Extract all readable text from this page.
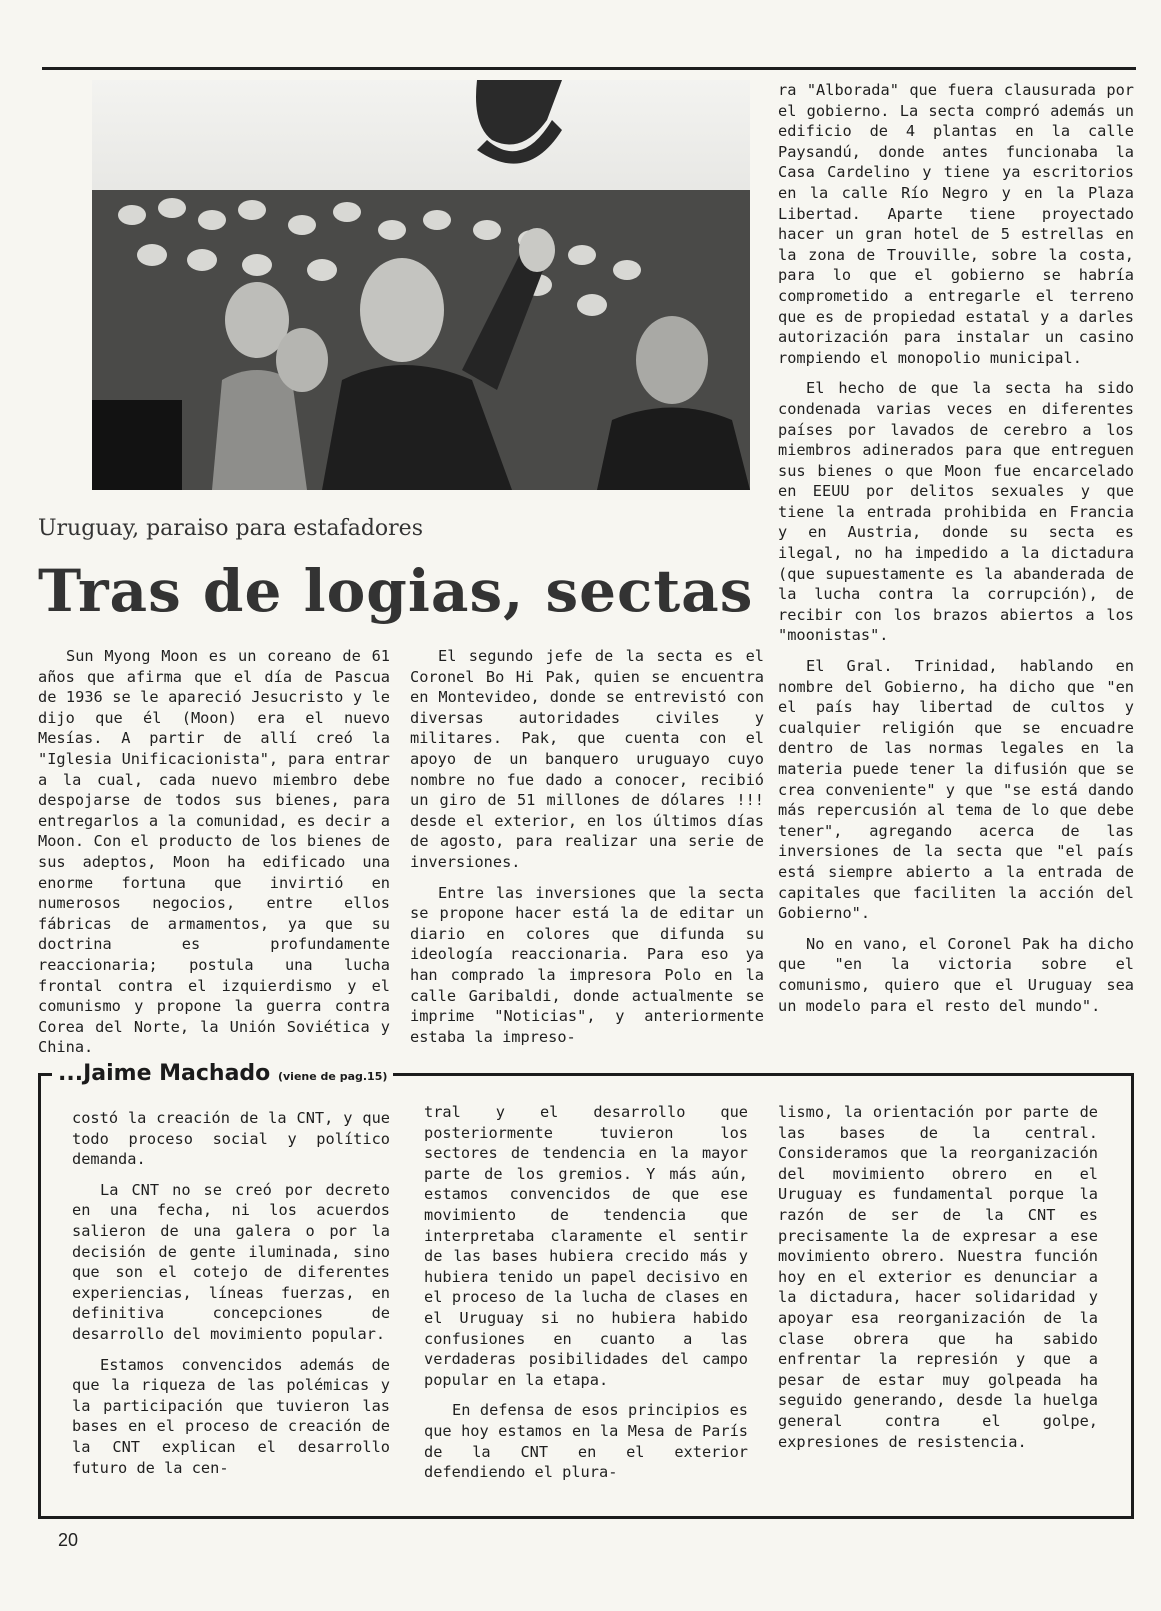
Uruguay, paraiso para estafadores
Tras de logias, sectas

Sun Myong Moon es un coreano de 61 años que afirma que el día de Pascua de 1936 se le apareció Jesucristo y le dijo que él (Moon) era el nuevo Mesías. A partir de allí creó la "Iglesia Unificacionista", para entrar a la cual, cada nuevo miembro debe despojarse de todos sus bienes, para entregarlos a la comunidad, es decir a Moon. Con el producto de los bienes de sus adeptos, Moon ha edificado una enorme fortuna que invirtió en numerosos negocios, entre ellos fábricas de armamentos, ya que su doctrina es profundamente reaccionaria; postula una lucha frontal contra el izquierdismo y el comunismo y propone la guerra contra Corea del Norte, la Unión Soviética y China.

El segundo jefe de la secta es el Coronel Bo Hi Pak, quien se encuentra en Montevideo, donde se entrevistó con diversas autoridades civiles y militares. Pak, que cuenta con el apoyo de un banquero uruguayo cuyo nombre no fue dado a conocer, recibió un giro de 51 millones de dólares !!! desde el exterior, en los últimos días de agosto, para realizar una serie de inversiones.

Entre las inversiones que la secta se propone hacer está la de editar un diario en colores que difunda su ideología reaccionaria. Para eso ya han comprado la impresora Polo en la calle Garibaldi, donde actualmente se imprime "Noticias", y anteriormente estaba la impreso-

ra "Alborada" que fuera clausurada por el gobierno. La secta compró además un edificio de 4 plantas en la calle Paysandú, donde antes funcionaba la Casa Cardelino y tiene ya escritorios en la calle Río Negro y en la Plaza Libertad. Aparte tiene proyectado hacer un gran hotel de 5 estrellas en la zona de Trouville, sobre la costa, para lo que el gobierno se habría comprometido a entregarle el terreno que es de propiedad estatal y a darles autorización para instalar un casino rompiendo el monopolio municipal.

El hecho de que la secta ha sido condenada varias veces en diferentes países por lavados de cerebro a los miembros adinerados para que entreguen sus bienes o que Moon fue encarcelado en EEUU por delitos sexuales y que tiene la entrada prohibida en Francia y en Austria, donde su secta es ilegal, no ha impedido a la dictadura (que supuestamente es la abanderada de la lucha contra la corrupción), de recibir con los brazos abiertos a los "moonistas".

El Gral. Trinidad, hablando en nombre del Gobierno, ha dicho que "en el país hay libertad de cultos y cualquier religión que se encuadre dentro de las normas legales en la materia puede tener la difusión que se crea conveniente" y que "se está dando más repercusión al tema de lo que debe tener", agregando acerca de las inversiones de la secta que "el país está siempre abierto a la entrada de capitales que faciliten la acción del Gobierno".

No en vano, el Coronel Pak ha dicho que "en la victoria sobre el comunismo, quiero que el Uruguay sea un modelo para el resto del mundo".

...Jaime Machado (viene de pag.15)

costó la creación de la CNT, y que todo proceso social y político demanda.

La CNT no se creó por decreto en una fecha, ni los acuerdos salieron de una galera o por la decisión de gente iluminada, sino que son el cotejo de diferentes experiencias, líneas fuerzas, en definitiva concepciones de desarrollo del movimiento popular.

Estamos convencidos además de que la riqueza de las polémicas y la participación que tuvieron las bases en el proceso de creación de la CNT explican el desarrollo futuro de la cen-

tral y el desarrollo que posteriormente tuvieron los sectores de tendencia en la mayor parte de los gremios. Y más aún, estamos convencidos de que ese movimiento de tendencia que interpretaba claramente el sentir de las bases hubiera crecido más y hubiera tenido un papel decisivo en el proceso de la lucha de clases en el Uruguay si no hubiera habido confusiones en cuanto a las verdaderas posibilidades del campo popular en la etapa.

En defensa de esos principios es que hoy estamos en la Mesa de París de la CNT en el exterior defendiendo el plura-

lismo, la orientación por parte de las bases de la central. Consideramos que la reorganización del movimiento obrero en el Uruguay es fundamental porque la razón de ser de la CNT es precisamente la de expresar a ese movimiento obrero. Nuestra función hoy en el exterior es denunciar a la dictadura, hacer solidaridad y apoyar esa reorganización de la clase obrera que ha sabido enfrentar la represión y que a pesar de estar muy golpeada ha seguido generando, desde la huelga general contra el golpe, expresiones de resistencia.

20
